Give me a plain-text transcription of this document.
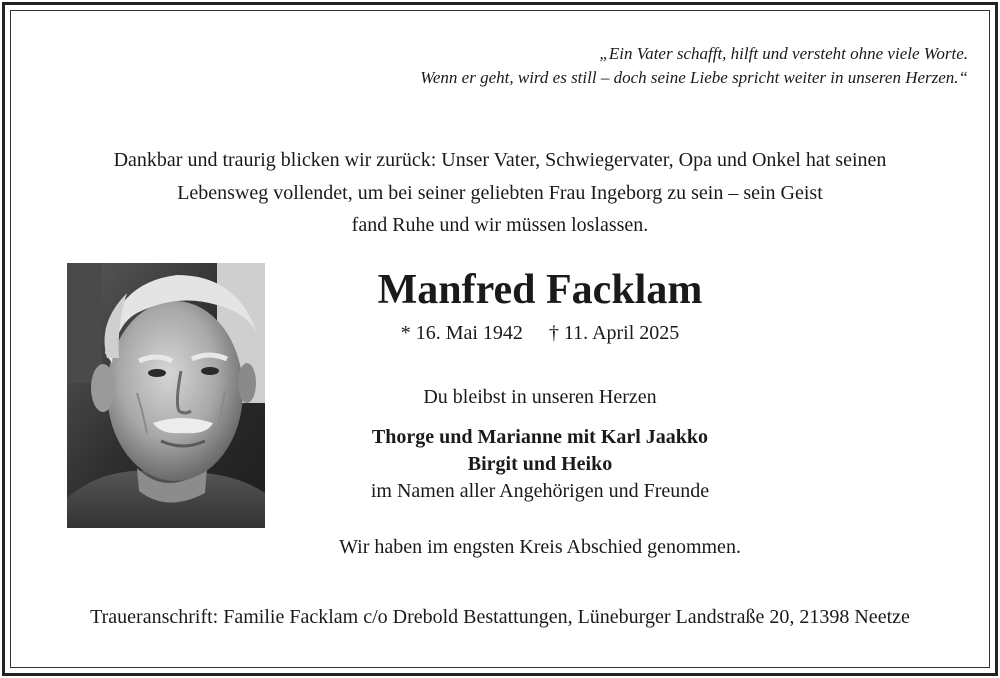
„Ein Vater schafft, hilft und versteht ohne viele Worte.
Wenn er geht, wird es still – doch seine Liebe spricht weiter in unseren Herzen.“
Dankbar und traurig blicken wir zurück: Unser Vater, Schwiegervater, Opa und Onkel hat seinen
Lebensweg vollendet, um bei seiner geliebten Frau Ingeborg zu sein – sein Geist
fand Ruhe und wir müssen loslassen.
Manfred Facklam
* 16. Mai 1942 † 11. April 2025
Du bleibst in unseren Herzen
Thorge und Marianne mit Karl Jaakko
Birgit und Heiko
im Namen aller Angehörigen und Freunde
Wir haben im engsten Kreis Abschied genommen.
Traueranschrift: Familie Facklam c/o Drebold Bestattungen, Lüneburger Landstraße 20, 21398 Neetze
